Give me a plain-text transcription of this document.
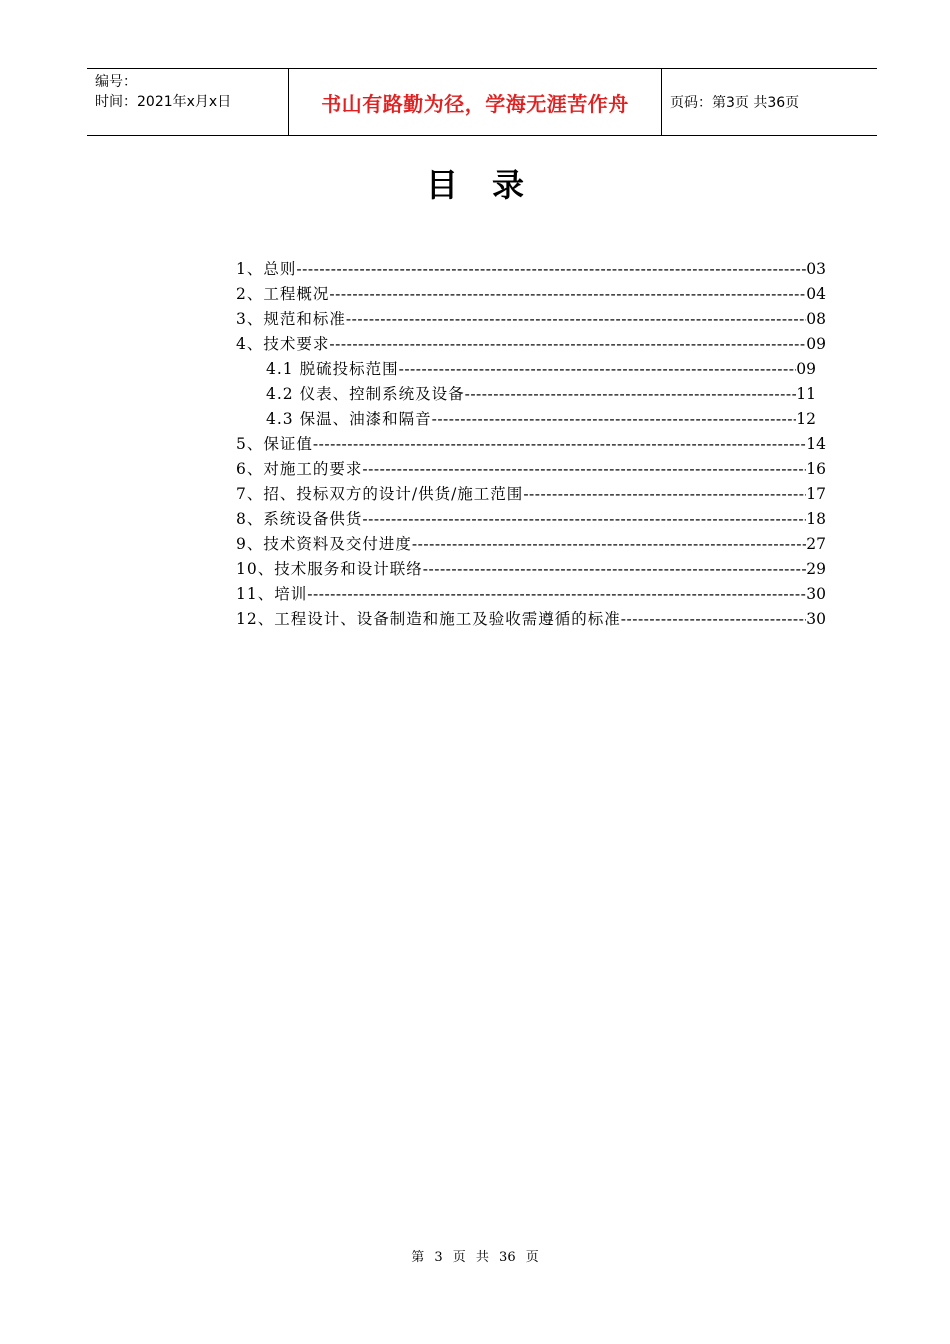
编号：
时间：2021年x月x日	书山有路勤为径，学海无涯苦作舟	页码：第3页 共36页
目录
1、总则 -----	03
2、工程概况 -----	04
3、规范和标准 -----	08
4、技术要求 -----	09
4.1 脱硫投标范围 -----	09
4.2 仪表、控制系统及设备 -----	11
4.3 保温、油漆和隔音 -----	12
5、保证值 -----	14
6、对施工的要求 -----	16
7、招、投标双方的设计/供货/施工范围 -----	17
8、系统设备供货 -----	18
9、技术资料及交付进度 -----	27
10、技术服务和设计联络 -----	29
11、培训 -----	30
12、工程设计、设备制造和施工及验收需遵循的标准 -----	30
第 3 页 共 36 页
